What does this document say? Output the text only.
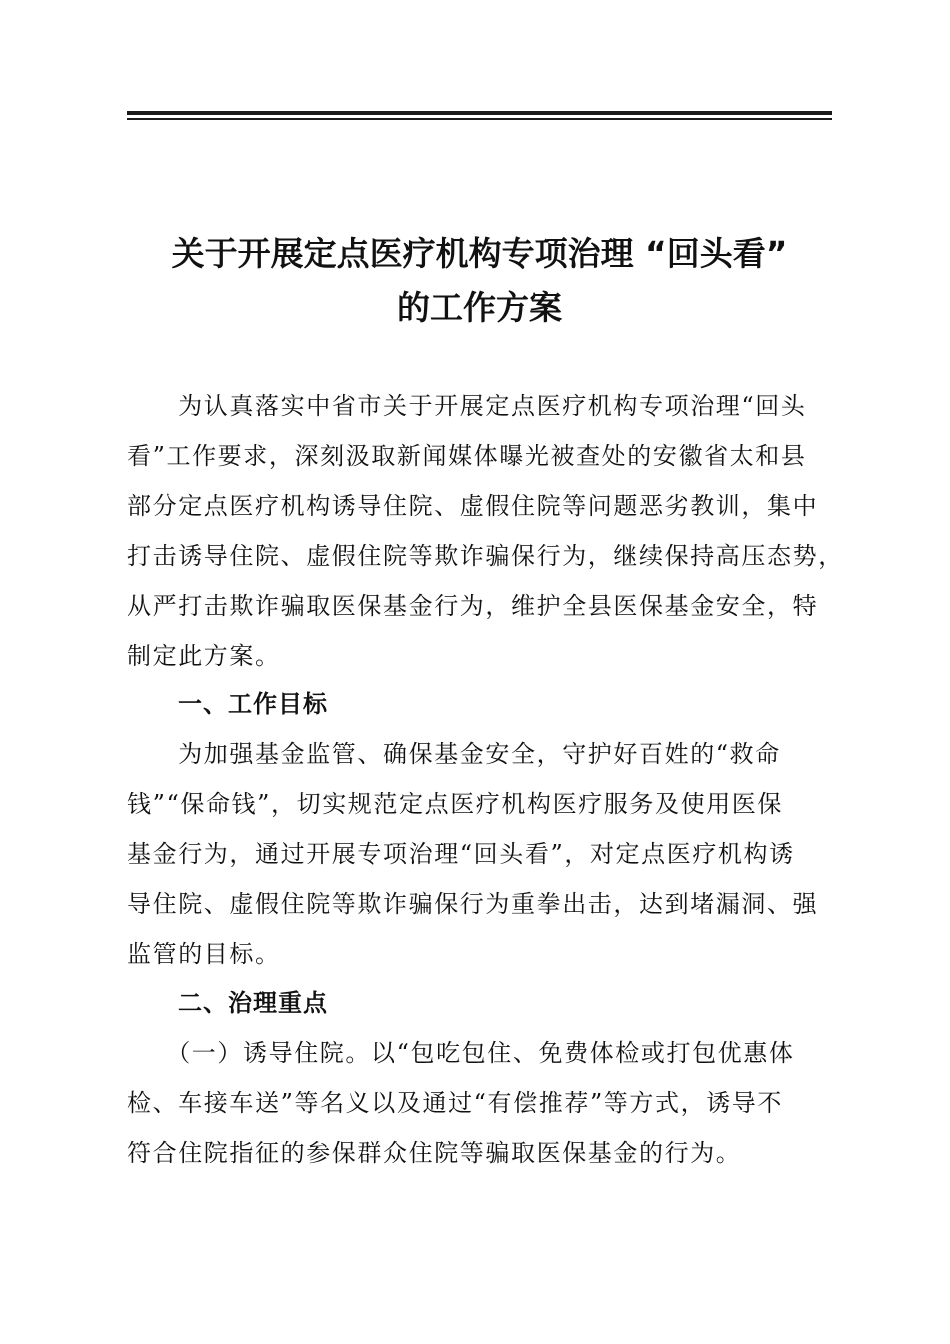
关于开展定点医疗机构专项治理 “回头看”
的工作方案
　　为认真落实中省市关于开展定点医疗机构专项治理“回头
看”工作要求，深刻汲取新闻媒体曝光被查处的安徽省太和县
部分定点医疗机构诱导住院、虚假住院等问题恶劣教训，集中
打击诱导住院、虚假住院等欺诈骗保行为，继续保持高压态势，
从严打击欺诈骗取医保基金行为，维护全县医保基金安全，特
制定此方案。
一、工作目标
　　为加强基金监管、确保基金安全，守护好百姓的“救命
钱”“保命钱”，切实规范定点医疗机构医疗服务及使用医保
基金行为，通过开展专项治理“回头看”，对定点医疗机构诱
导住院、虚假住院等欺诈骗保行为重拳出击，达到堵漏洞、强
监管的目标。
二、治理重点
　　（一）诱导住院。以“包吃包住、免费体检或打包优惠体
检、车接车送”等名义以及通过“有偿推荐”等方式，诱导不
符合住院指征的参保群众住院等骗取医保基金的行为。
